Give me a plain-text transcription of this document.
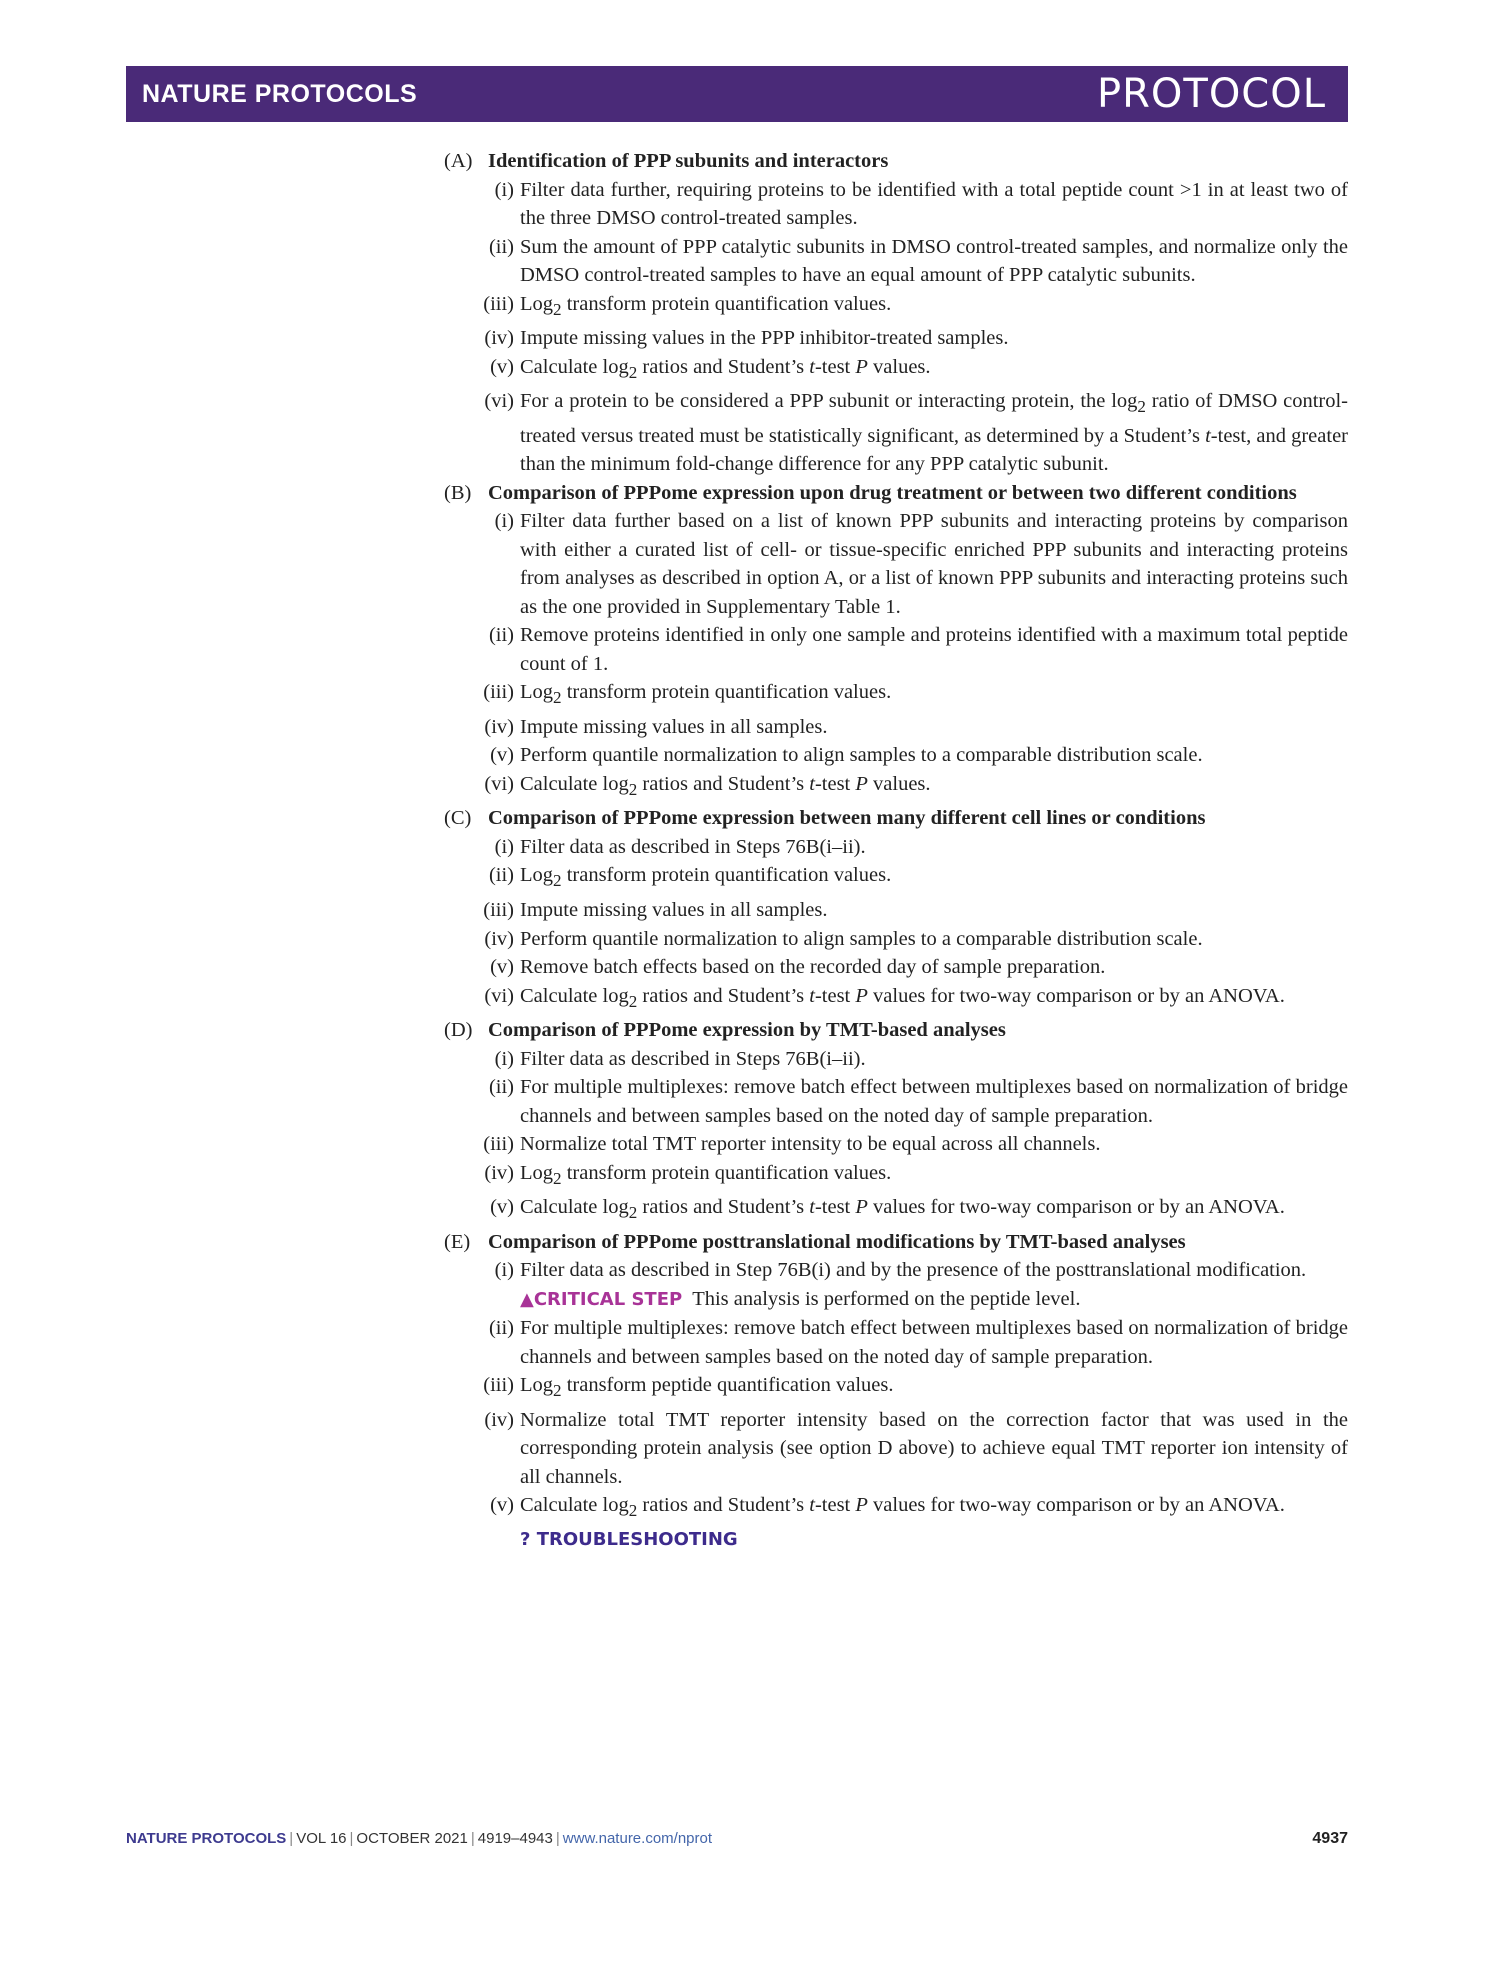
NATURE PROTOCOLS	PROTOCOL
(A) Identification of PPP subunits and interactors
(i) Filter data further, requiring proteins to be identified with a total peptide count >1 in at least two of the three DMSO control-treated samples.
(ii) Sum the amount of PPP catalytic subunits in DMSO control-treated samples, and normalize only the DMSO control-treated samples to have an equal amount of PPP catalytic subunits.
(iii) Log$_2$ transform protein quantification values.
(iv) Impute missing values in the PPP inhibitor-treated samples.
(v) Calculate $\log_2$ ratios and Student’s t-test P values.
(vi) For a protein to be considered a PPP subunit or interacting protein, the $\log_2$ ratio of DMSO control-treated versus treated must be statistically significant, as determined by a Student’s t-test, and greater than the minimum fold-change difference for any PPP catalytic subunit.
(B) Comparison of PPPome expression upon drug treatment or between two different conditions
(i) Filter data further based on a list of known PPP subunits and interacting proteins by comparison with either a curated list of cell- or tissue-specific enriched PPP subunits and interacting proteins from analyses as described in option A, or a list of known PPP subunits and interacting proteins such as the one provided in Supplementary Table 1.
(ii) Remove proteins identified in only one sample and proteins identified with a maximum total peptide count of 1.
(iii) Log$_2$ transform protein quantification values.
(iv) Impute missing values in all samples.
(v) Perform quantile normalization to align samples to a comparable distribution scale.
(vi) Calculate $\log_2$ ratios and Student’s t-test P values.
(C) Comparison of PPPome expression between many different cell lines or conditions
(i) Filter data as described in Steps 76B(i–ii).
(ii) Log$_2$ transform protein quantification values.
(iii) Impute missing values in all samples.
(iv) Perform quantile normalization to align samples to a comparable distribution scale.
(v) Remove batch effects based on the recorded day of sample preparation.
(vi) Calculate $\log_2$ ratios and Student’s t-test P values for two-way comparison or by an ANOVA.
(D) Comparison of PPPome expression by TMT-based analyses
(i) Filter data as described in Steps 76B(i–ii).
(ii) For multiple multiplexes: remove batch effect between multiplexes based on normalization of bridge channels and between samples based on the noted day of sample preparation.
(iii) Normalize total TMT reporter intensity to be equal across all channels.
(iv) Log$_2$ transform protein quantification values.
(v) Calculate $\log_2$ ratios and Student’s t-test P values for two-way comparison or by an ANOVA.
(E) Comparison of PPPome posttranslational modifications by TMT-based analyses
(i) Filter data as described in Step 76B(i) and by the presence of the posttranslational modification.
▲CRITICAL STEP This analysis is performed on the peptide level.
(ii) For multiple multiplexes: remove batch effect between multiplexes based on normalization of bridge channels and between samples based on the noted day of sample preparation.
(iii) Log$_2$ transform peptide quantification values.
(iv) Normalize total TMT reporter intensity based on the correction factor that was used in the corresponding protein analysis (see option D above) to achieve equal TMT reporter ion intensity of all channels.
(v) Calculate $\log_2$ ratios and Student’s t-test P values for two-way comparison or by an ANOVA.
? TROUBLESHOOTING
NATURE PROTOCOLS | VOL 16 | OCTOBER 2021 | 4919–4943 | www.nature.com/nprot	4937
